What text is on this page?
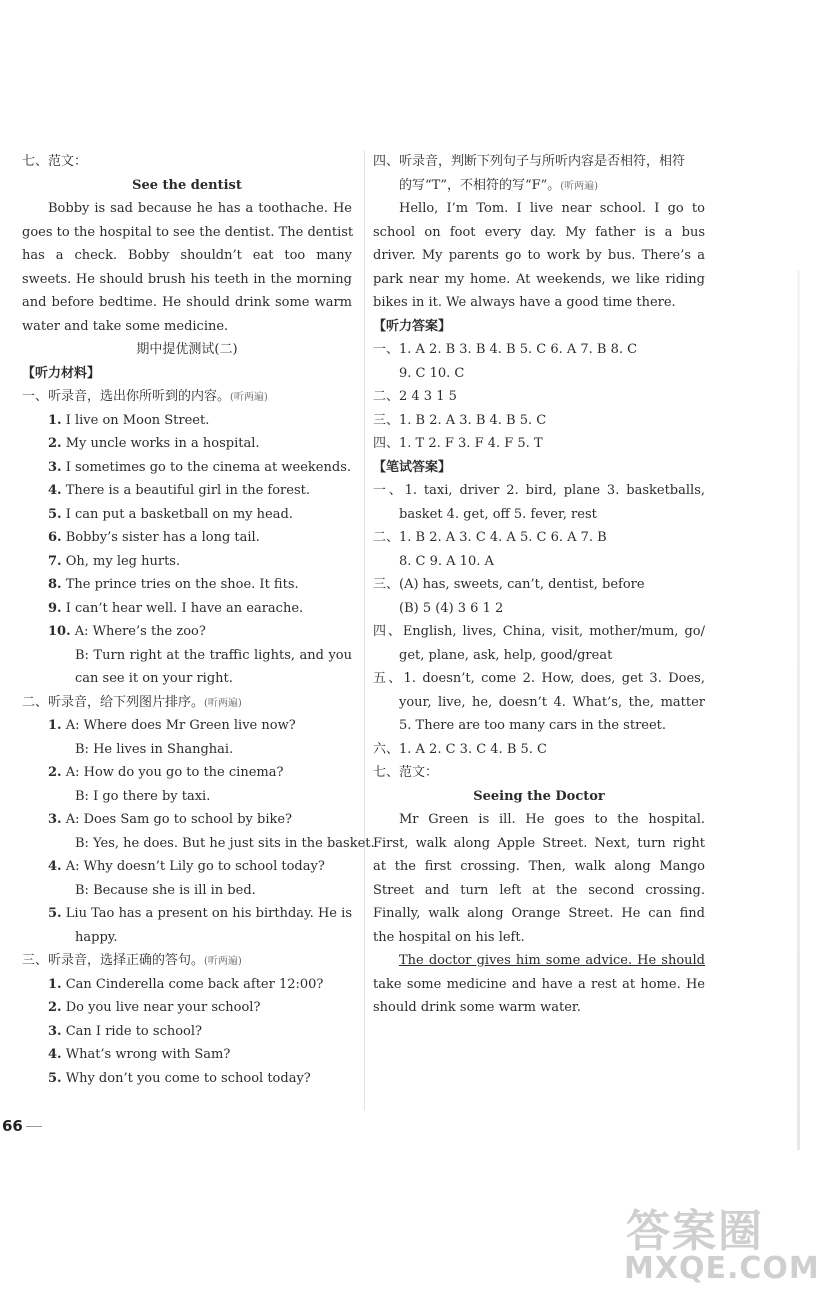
七、范文：
See the dentist
Bobby is sad because he has a toothache. He
goes to the hospital to see the dentist. The dentist
has a check. Bobby shouldn’t eat too many
sweets. He should brush his teeth in the morning
and before bedtime. He should drink some warm
water and take some medicine.
期中提优测试(二)
【听力材料】
一、听录音，选出你所听到的内容。(听两遍)
1. I live on Moon Street.
2. My uncle works in a hospital.
3. I sometimes go to the cinema at weekends.
4. There is a beautiful girl in the forest.
5. I can put a basketball on my head.
6. Bobby’s sister has a long tail.
7. Oh, my leg hurts.
8. The prince tries on the shoe. It fits.
9. I can’t hear well. I have an earache.
10. A: Where’s the zoo?
B: Turn right at the traffic lights, and you
can see it on your right.
二、听录音，给下列图片排序。(听两遍)
1. A: Where does Mr Green live now?
B: He lives in Shanghai.
2. A: How do you go to the cinema?
B: I go there by taxi.
3. A: Does Sam go to school by bike?
B: Yes, he does. But he just sits in the basket.
4. A: Why doesn’t Lily go to school today?
B: Because she is ill in bed.
5. Liu Tao has a present on his birthday. He is
happy.
三、听录音，选择正确的答句。(听两遍)
1. Can Cinderella come back after 12:00?
2. Do you live near your school?
3. Can I ride to school?
4. What’s wrong with Sam?
5. Why don’t you come to school today?
四、听录音，判断下列句子与所听内容是否相符，相符
的写“T”，不相符的写“F”。(听两遍)
Hello, I’m Tom. I live near school. I go to
school on foot every day. My father is a bus
driver. My parents go to work by bus. There’s a
park near my home. At weekends, we like riding
bikes in it. We always have a good time there.
【听力答案】
一、1. A 2. B 3. B 4. B 5. C 6. A 7. B 8. C
9. C 10. C
二、2 4 3 1 5
三、1. B 2. A 3. B 4. B 5. C
四、1. T 2. F 3. F 4. F 5. T
【笔试答案】
一、1. taxi, driver 2. bird, plane 3. basketballs,
basket 4. get, off 5. fever, rest
二、1. B 2. A 3. C 4. A 5. C 6. A 7. B
8. C 9. A 10. A
三、(A) has, sweets, can’t, dentist, before
(B) 5 (4) 3 6 1 2
四、English, lives, China, visit, mother/mum, go/
get, plane, ask, help, good/great
五、1. doesn’t, come 2. How, does, get 3. Does,
your, live, he, doesn’t 4. What’s, the, matter
5. There are too many cars in the street.
六、1. A 2. C 3. C 4. B 5. C
七、范文：
Seeing the Doctor
Mr Green is ill. He goes to the hospital.
First, walk along Apple Street. Next, turn right
at the first crossing. Then, walk along Mango
Street and turn left at the second crossing.
Finally, walk along Orange Street. He can find
the hospital on his left.
The doctor gives him some advice. He should
take some medicine and have a rest at home. He
should drink some warm water.
66
答案圈
MXQE.COM
